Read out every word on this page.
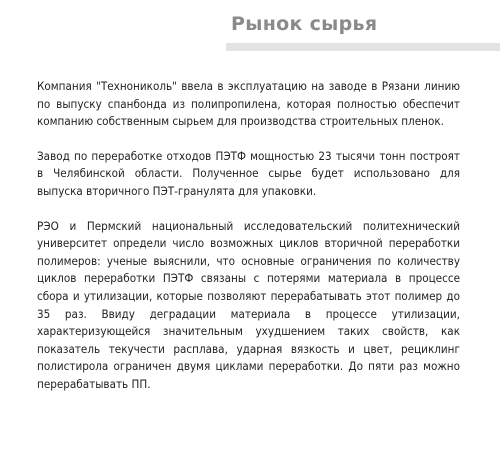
Рынок сырья

Компания "Технониколь" ввела в эксплуатацию на заводе в Рязани линию по выпуску спанбонда из полипропилена, которая полностью обеспечит компанию собственным сырьем для производства строительных пленок.

Завод по переработке отходов ПЭТФ мощностью 23 тысячи тонн построят в Челябинской области. Полученное сырье будет использовано для выпуска вторичного ПЭТ-гранулята для упаковки.

РЭО и Пермский национальный исследовательский политехнический университет определи число возможных циклов вторичной переработки полимеров: ученые выяснили, что основные ограничения по количеству циклов переработки ПЭТФ связаны с потерями материала в процессе сбора и утилизации, которые позволяют перерабатывать этот полимер до 35 раз. Ввиду деградации материала в процессе утилизации, характеризующейся значительным ухудшением таких свойств, как показатель текучести расплава, ударная вязкость и цвет, рециклинг полистирола ограничен двумя циклами переработки. До пяти раз можно перерабатывать ПП.
